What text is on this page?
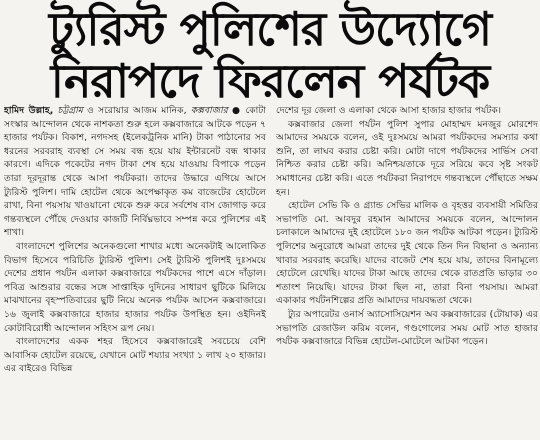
ট্যুরিস্ট পুলিশের উদ্যোগে
নিরাপদে ফিরলেন পর্যটক

হামিদ উল্লাহ, চট্টগ্রাম ও সরোয়ার আজম মানিক, কক্সবাজার ● কোটা সংস্কার আন্দোলন থেকে নাশকতা শুরু হলে কক্সবাজারে আটকে পড়েন ৭ হাজার পর্যটক। বিকাশ, নগদসহ (ইলেকট্রনিক মানি) টাকা পাঠানোর সব ধরনের সরবরাহ ব্যবস্থা সে সময় বন্ধ হয়ে যায় ইন্টারনেট বন্ধ থাকার কারণে। এদিকে পকেটের নগদ টাকা শেষ হয়ে যাওয়ায় বিপাকে পড়েন তারা দূরদূরান্ত থেকে আসা পর্যটকরা। তাদের উদ্ধারে এগিয়ে আসে ট্যুরিস্ট পুলিশ। দামি হোটেল থেকে অপেক্ষাকৃত কম বাজেটের হোটেলে রাখা, বিনা পয়সায় খাওয়ানো থেকে শুরু করে সর্বশেষ বাস জোগাড় করে গন্তব্যস্থলে পৌঁছে দেওয়ার কাজটি নির্বিঘ্নভাবে সম্পন্ন করে পুলিশের এই শাখা।

বাংলাদেশে পুলিশের অনেকগুলো শাখার মধ্যে অনেকটাই আলোকিত বিভাগ হিসেবে পরিচিতি ট্যুরিস্ট পুলিশ। সেই ট্যুরিস্ট পুলিশই দুঃসময়ে দেশের প্রধান পর্যটন এলাকা কক্সবাজারে পর্যটকদের পাশে এসে দাঁড়াল। পবিত্র আশুরার বন্ধের সঙ্গে সাপ্তাহিক দুদিনের সাধারণ ছুটিকে মিলিয়ে মাঝখানের বৃহস্পতিবারের ছুটি নিয়ে অনেক পর্যটক আসেন কক্সবাজারে। ১৬ জুলাই কক্সবাজারে হাজার হাজার পর্যটক উপস্থিত হন। ওইদিনই কোটাবিরোধী আন্দোলন সহিংস রূপ নেয়।

বাংলাদেশের একক শহর হিসেবে কক্সবাজারেই সবচেয়ে বেশি আবাসিক হোটেল রয়েছে, যেখানে মোট শয্যার সংখ্যা ১ লাখ ২০ হাজার। এর বাইরেও বিভিন্ন

দেশের দূর জেলা ও এলাকা থেকে আসা হাজার হাজার পর্যটক।

কক্সবাজার জেলা পর্যটন পুলিশ সুপার মোহাম্মদ মনজুর মোরশেদ আমাদের সময়কে বলেন, ওই দুঃসময়ে আমরা পর্যটকদের সমস্যার কথা শুনি, তা লাঘব করার চেষ্টা করি। মোটা দাগে পর্যটকদের সার্ভিস সেবা নিশ্চিত করার চেষ্টা করি। অনিশ্চয়তাকে দূরে সরিয়ে কবে সৃষ্ট সংকট সমাধানের চেষ্টা করি। এতে পর্যটকরা নিরাপদে গন্তব্যস্থলে পৌঁছাতে সক্ষম হন।

হোটেল সেভি কি ও গ্র্যান্ড সেভির মালিক ও বৃহত্তর ব্যবসায়ী সমিতির সভাপতি মো. আবদুর রহমান আমাদের সময়কে বলেন, আন্দোলন চলাকালে আমাদের দুই হোটেলে ১৮০ জন পর্যটক আটকা পড়েন। ট্যুরিস্ট পুলিশের অনুরোধে আমরা তাদের দুই থেকে তিন দিন বিছানা ও অন্যান্য খাবার সরবরাহ করেছি। যাদের বাজেট শেষ হয়ে যায়, তাদের বিনামূল্যে হোটেলে রেখেছি। যাদের টাকা আছে তাদের থেকে রাতপ্রতি ভাড়ার ৩০ শতাংশ নিয়েছি। যাদের টাকা ছিল না, তারা বিনা পয়সায়। আমরা একাকার পর্যটনশিল্পের প্রতি আমাদের দায়বদ্ধতা থেকে।

ট্যুর অপারেটর ওনার্স অ্যাসোসিয়েশন অব কক্সবাজারের (টোয়াক) এর সভাপতি রেজাউল করিম বলেন, গণ্ডগোলের সময় মোট সাত হাজার পর্যটক কক্সবাজারে বিভিন্ন হোটেল-মোটেলে আটকা পড়েন।
